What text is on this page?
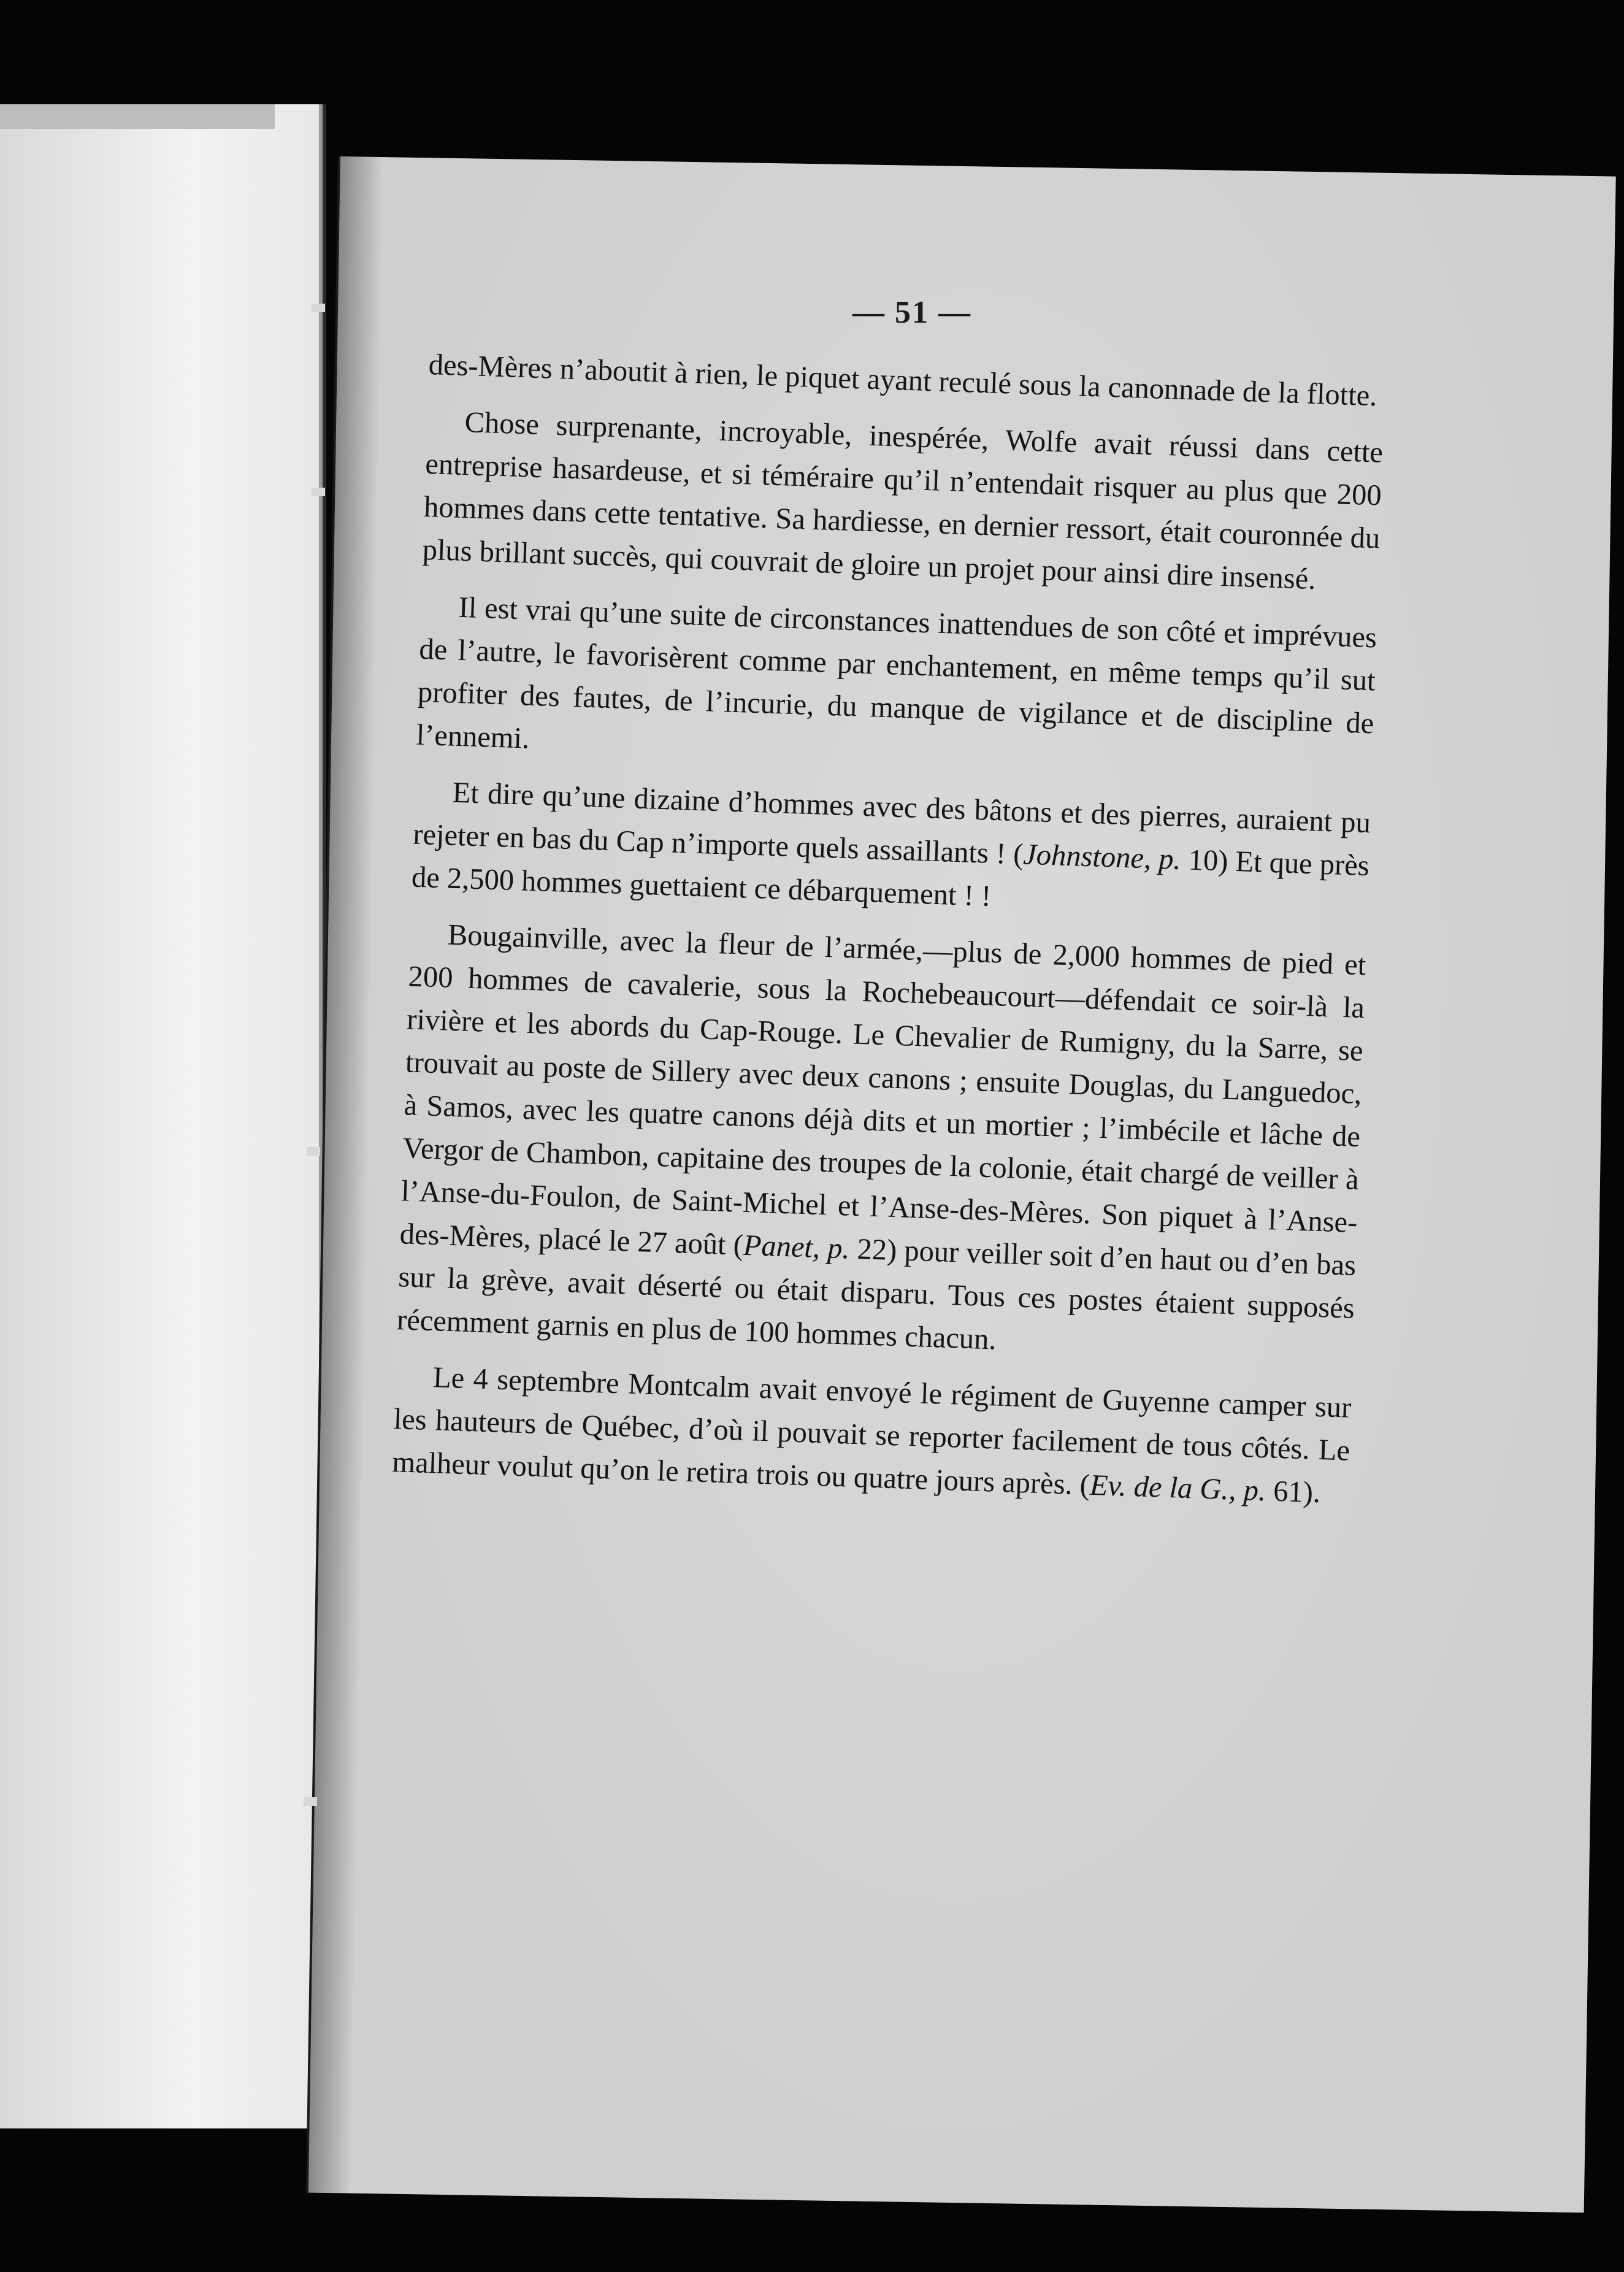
— 51 —

des-Mères n’aboutit à rien, le piquet ayant reculé sous la canonnade de la flotte.

Chose surprenante, incroyable, inespérée, Wolfe avait réussi dans cette entreprise hasardeuse, et si téméraire qu’il n’entendait risquer au plus que 200 hommes dans cette tentative. Sa hardiesse, en dernier ressort, était couronnée du plus brillant succès, qui couvrait de gloire un projet pour ainsi dire insensé.

Il est vrai qu’une suite de circonstances inattendues de son côté et imprévues de l’autre, le favorisèrent comme par enchantement, en même temps qu’il sut profiter des fautes, de l’incurie, du manque de vigilance et de discipline de l’ennemi.

Et dire qu’une dizaine d’hommes avec des bâtons et des pierres, auraient pu rejeter en bas du Cap n’importe quels assaillants ! (Johnstone, p. 10) Et que près de 2,500 hommes guettaient ce débarquement ! !

Bougainville, avec la fleur de l’armée,—plus de 2,000 hommes de pied et 200 hommes de cavalerie, sous la Rochebeaucourt—défendait ce soir-là la rivière et les abords du Cap-Rouge. Le Chevalier de Rumigny, du la Sarre, se trouvait au poste de Sillery avec deux canons ; ensuite Douglas, du Languedoc, à Samos, avec les quatre canons déjà dits et un mortier ; l’imbécile et lâche de Vergor de Chambon, capitaine des troupes de la colonie, était chargé de veiller à l’Anse-du-Foulon, de Saint-Michel et l’Anse-des-Mères. Son piquet à l’Anse-des-Mères, placé le 27 août (Panet, p. 22) pour veiller soit d’en haut ou d’en bas sur la grève, avait déserté ou était disparu. Tous ces postes étaient supposés récemment garnis en plus de 100 hommes chacun.

Le 4 septembre Montcalm avait envoyé le régiment de Guyenne camper sur les hauteurs de Québec, d’où il pouvait se reporter facilement de tous côtés. Le malheur voulut qu’on le retira trois ou quatre jours après. (Ev. de la G., p. 61).
